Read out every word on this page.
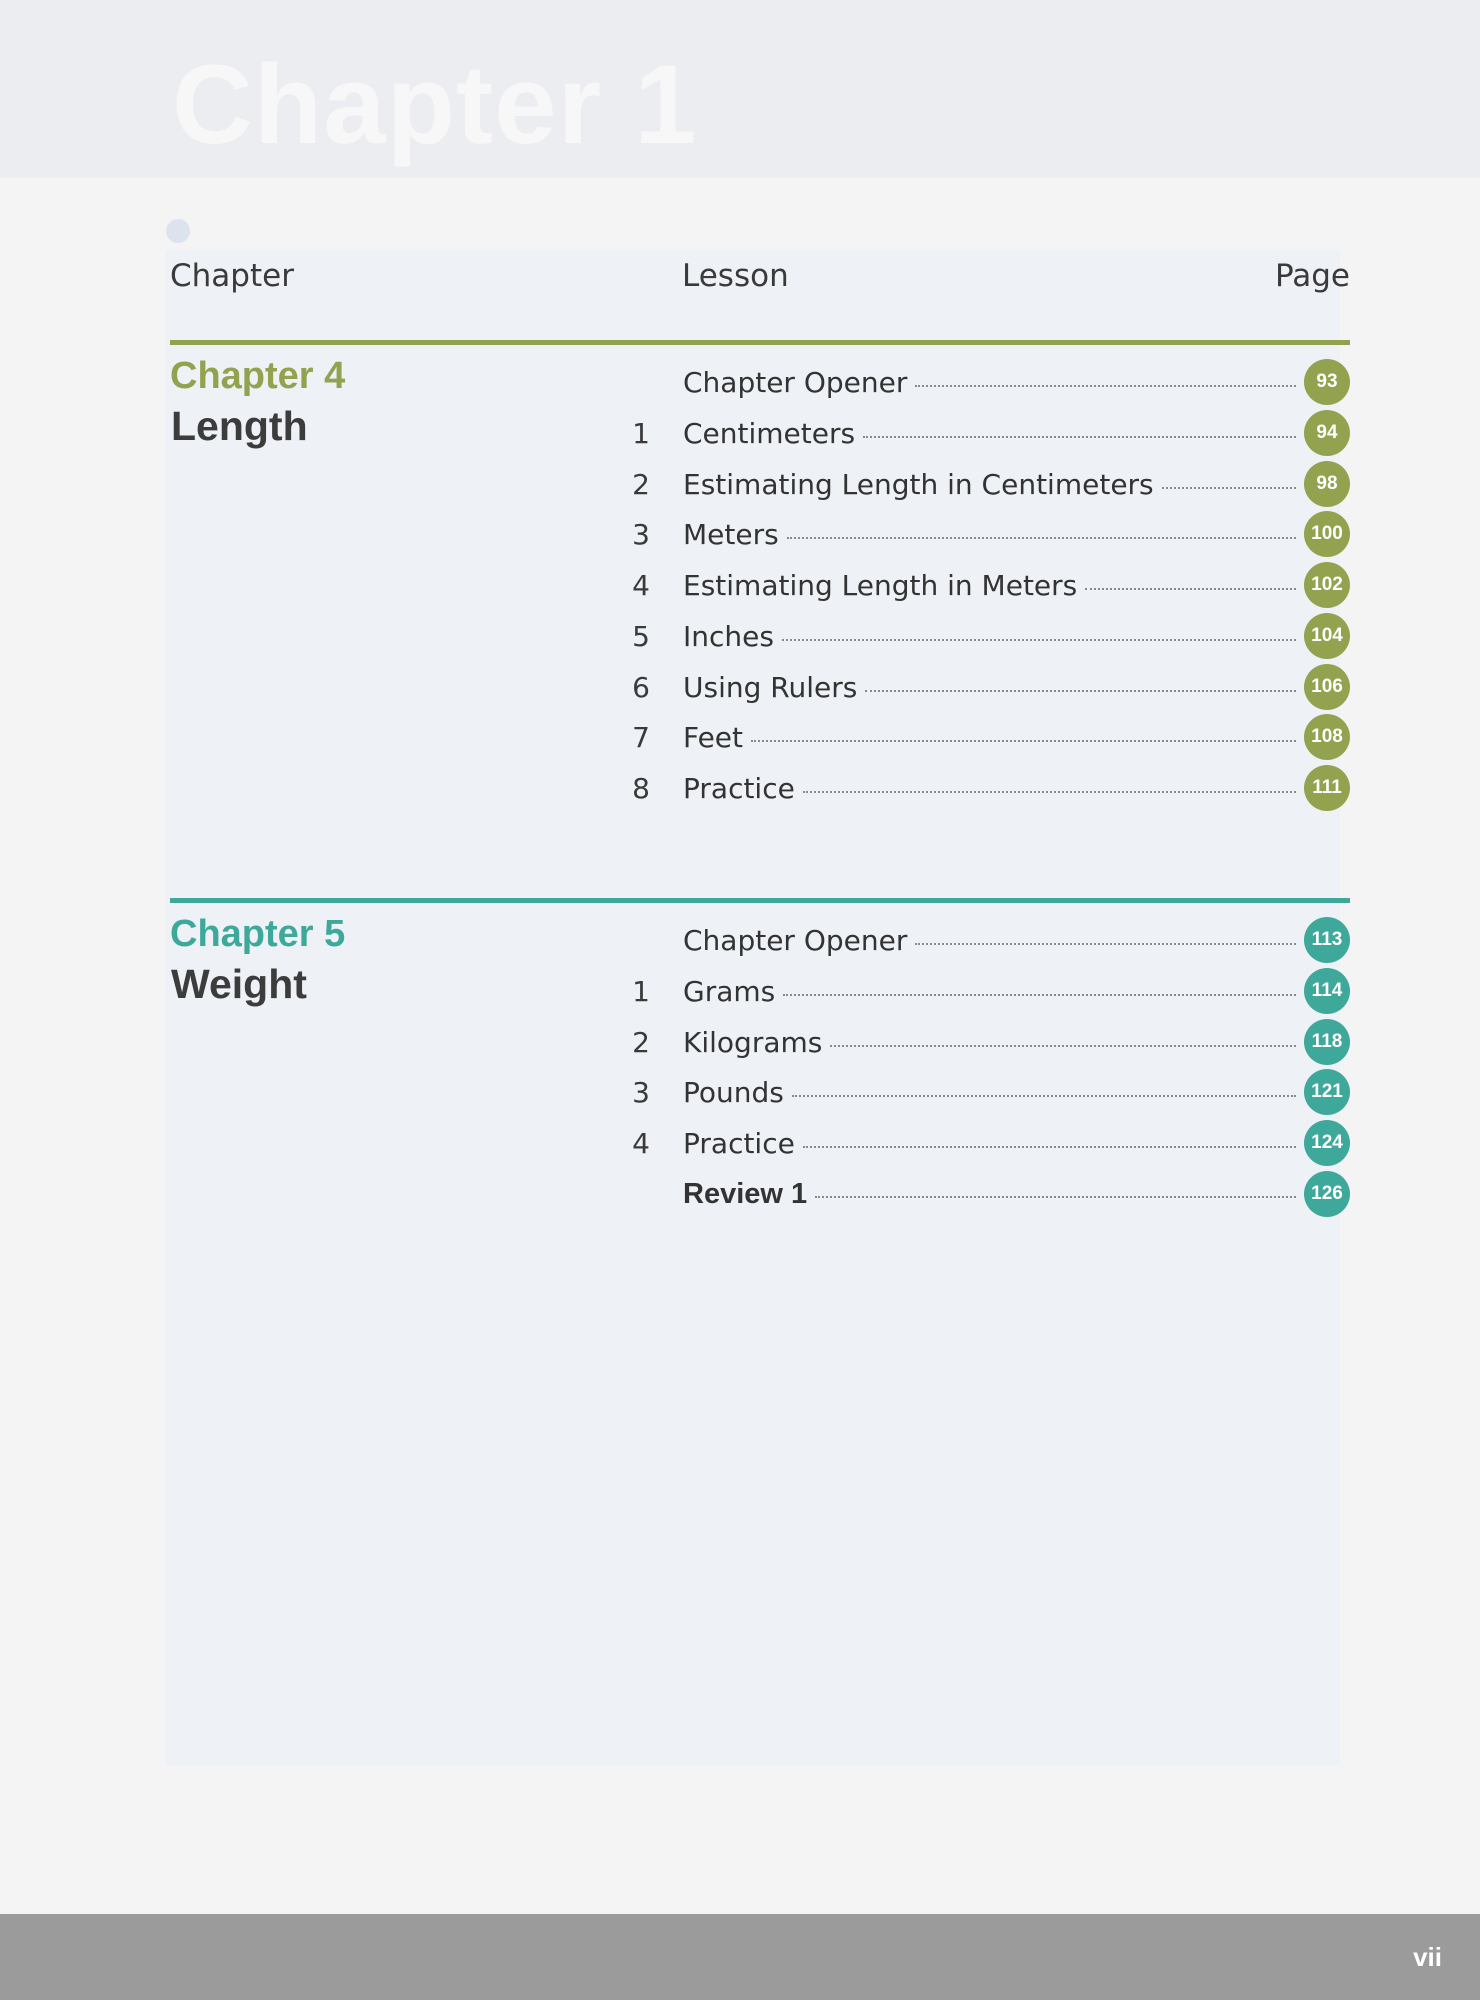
Chapter 1
Chapter	Lesson	Page
Chapter 4
Length
Chapter Opener	93
1 Centimeters	94
2 Estimating Length in Centimeters	98
3 Meters	100
4 Estimating Length in Meters	102
5 Inches	104
6 Using Rulers	106
7 Feet	108
8 Practice	111
Chapter 5
Weight
Chapter Opener	113
1 Grams	114
2 Kilograms	118
3 Pounds	121
4 Practice	124
Review 1	126
vii
